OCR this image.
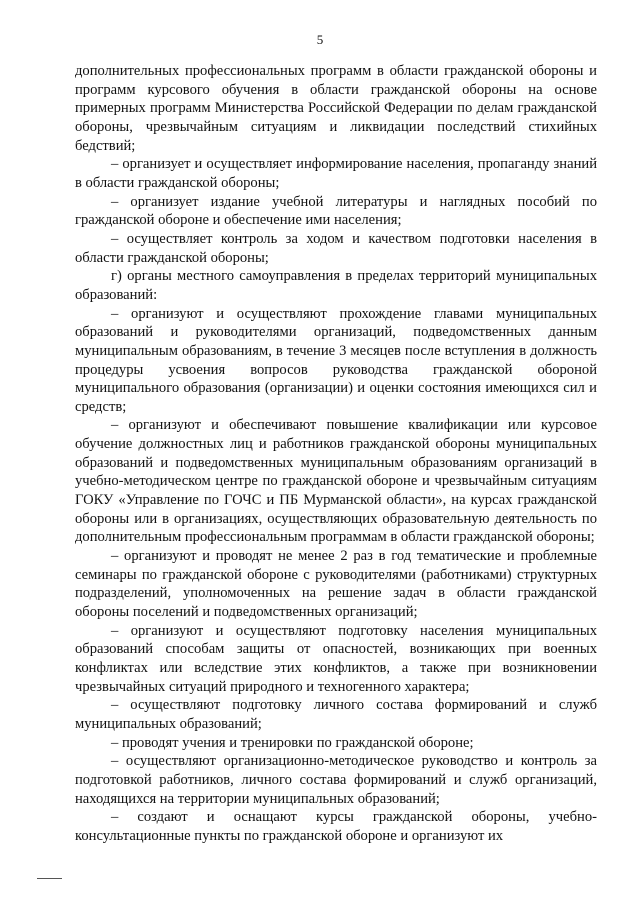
5

дополнительных профессиональных программ в области гражданской обороны и программ курсового обучения в области гражданской обороны на основе примерных программ Министерства Российской Федерации по делам гражданской обороны, чрезвычайным ситуациям и ликвидации последствий стихийных бедствий;

– организует и осуществляет информирование населения, пропаганду знаний в области гражданской обороны;

– организует издание учебной литературы и наглядных пособий по гражданской обороне и обеспечение ими населения;

– осуществляет контроль за ходом и качеством подготовки населения в области гражданской обороны;

г) органы местного самоуправления в пределах территорий муниципальных образований:

– организуют и осуществляют прохождение главами муниципальных образований и руководителями организаций, подведомственных данным муниципальным образованиям, в течение 3 месяцев после вступления в должность процедуры усвоения вопросов руководства гражданской обороной муниципального образования (организации) и оценки состояния имеющихся сил и средств;

– организуют и обеспечивают повышение квалификации или курсовое обучение должностных лиц и работников гражданской обороны муниципальных образований и подведомственных муниципальным образованиям организаций в учебно-методическом центре по гражданской обороне и чрезвычайным ситуациям ГОКУ «Управление по ГОЧС и ПБ Мурманской области», на курсах гражданской обороны или в организациях, осуществляющих образовательную деятельность по дополнительным профессиональным программам в области гражданской обороны;

– организуют и проводят не менее 2 раз в год тематические и проблемные семинары по гражданской обороне с руководителями (работниками) структурных подразделений, уполномоченных на решение задач в области гражданской обороны поселений и подведомственных организаций;

– организуют и осуществляют подготовку населения муниципальных образований способам защиты от опасностей, возникающих при военных конфликтах или вследствие этих конфликтов, а также при возникновении чрезвычайных ситуаций природного и техногенного характера;

– осуществляют подготовку личного состава формирований и служб муниципальных образований;

– проводят учения и тренировки по гражданской обороне;

– осуществляют организационно-методическое руководство и контроль за подготовкой работников, личного состава формирований и служб организаций, находящихся на территории муниципальных образований;

– создают и оснащают курсы гражданской обороны, учебно-консультационные пункты по гражданской обороне и организуют их
